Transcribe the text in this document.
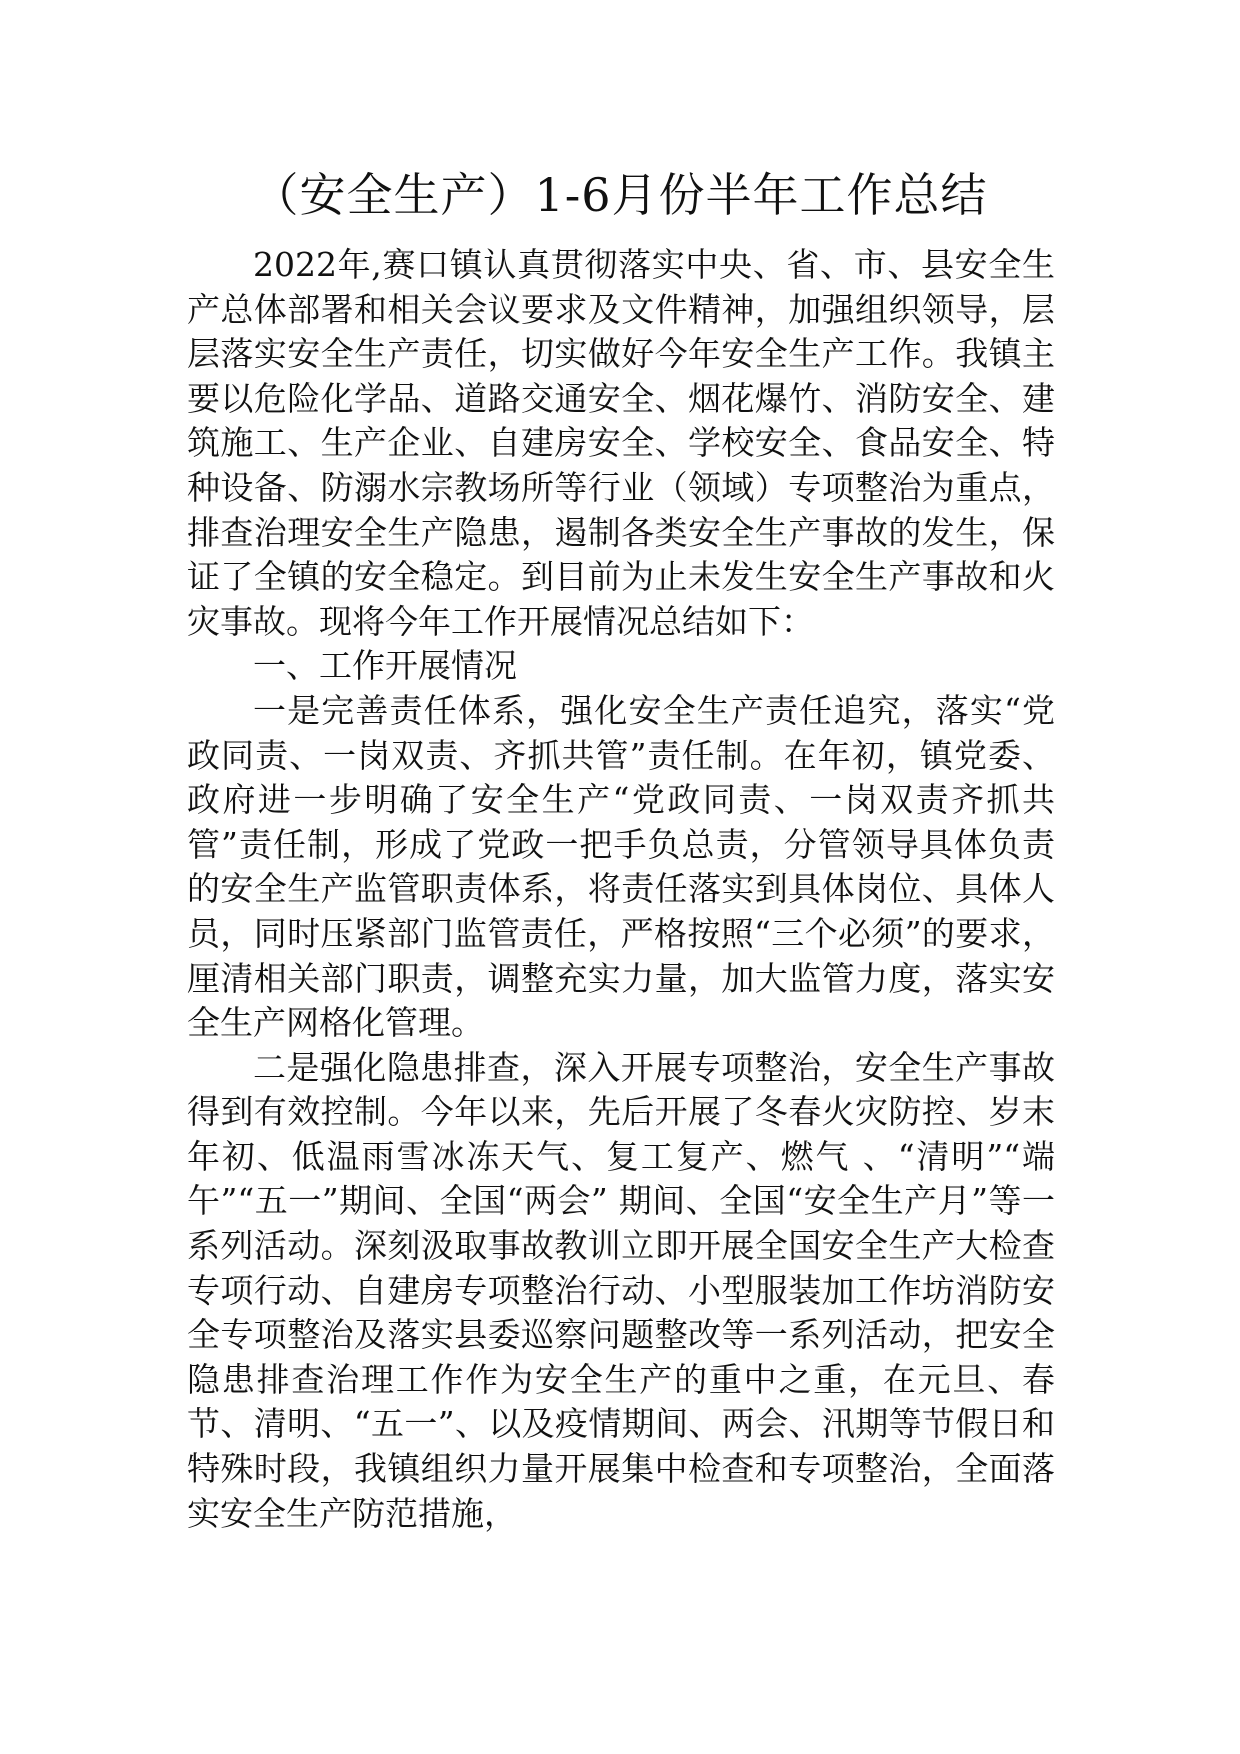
（安全生产）1-6月份半年工作总结

2022年,赛口镇认真贯彻落实中央、省、市、县安全生产总体部署和相关会议要求及文件精神，加强组织领导，层层落实安全生产责任，切实做好今年安全生产工作。我镇主要以危险化学品、道路交通安全、烟花爆竹、消防安全、建筑施工、生产企业、自建房安全、学校安全、食品安全、特种设备、防溺水宗教场所等行业（领域）专项整治为重点，排查治理安全生产隐患，遏制各类安全生产事故的发生，保证了全镇的安全稳定。到目前为止未发生安全生产事故和火灾事故。现将今年工作开展情况总结如下：

一、工作开展情况

一是完善责任体系，强化安全生产责任追究，落实“党政同责、一岗双责、齐抓共管”责任制。在年初，镇党委、政府进一步明确了安全生产“党政同责、一岗双责齐抓共管”责任制，形成了党政一把手负总责，分管领导具体负责的安全生产监管职责体系，将责任落实到具体岗位、具体人员，同时压紧部门监管责任，严格按照“三个必须”的要求，厘清相关部门职责，调整充实力量，加大监管力度，落实安全生产网格化管理。

二是强化隐患排查，深入开展专项整治，安全生产事故得到有效控制。今年以来，先后开展了冬春火灾防控、岁末年初、低温雨雪冰冻天气、复工复产、燃气 、“清明”“端午”“五一”期间、全国“两会” 期间、全国“安全生产月”等一系列活动。深刻汲取事故教训立即开展全国安全生产大检查专项行动、自建房专项整治行动、小型服装加工作坊消防安全专项整治及落实县委巡察问题整改等一系列活动，把安全隐患排查治理工作作为安全生产的重中之重，在元旦、春节、清明、“五一”、以及疫情期间、两会、汛期等节假日和特殊时段，我镇组织力量开展集中检查和专项整治，全面落实安全生产防范措施，
